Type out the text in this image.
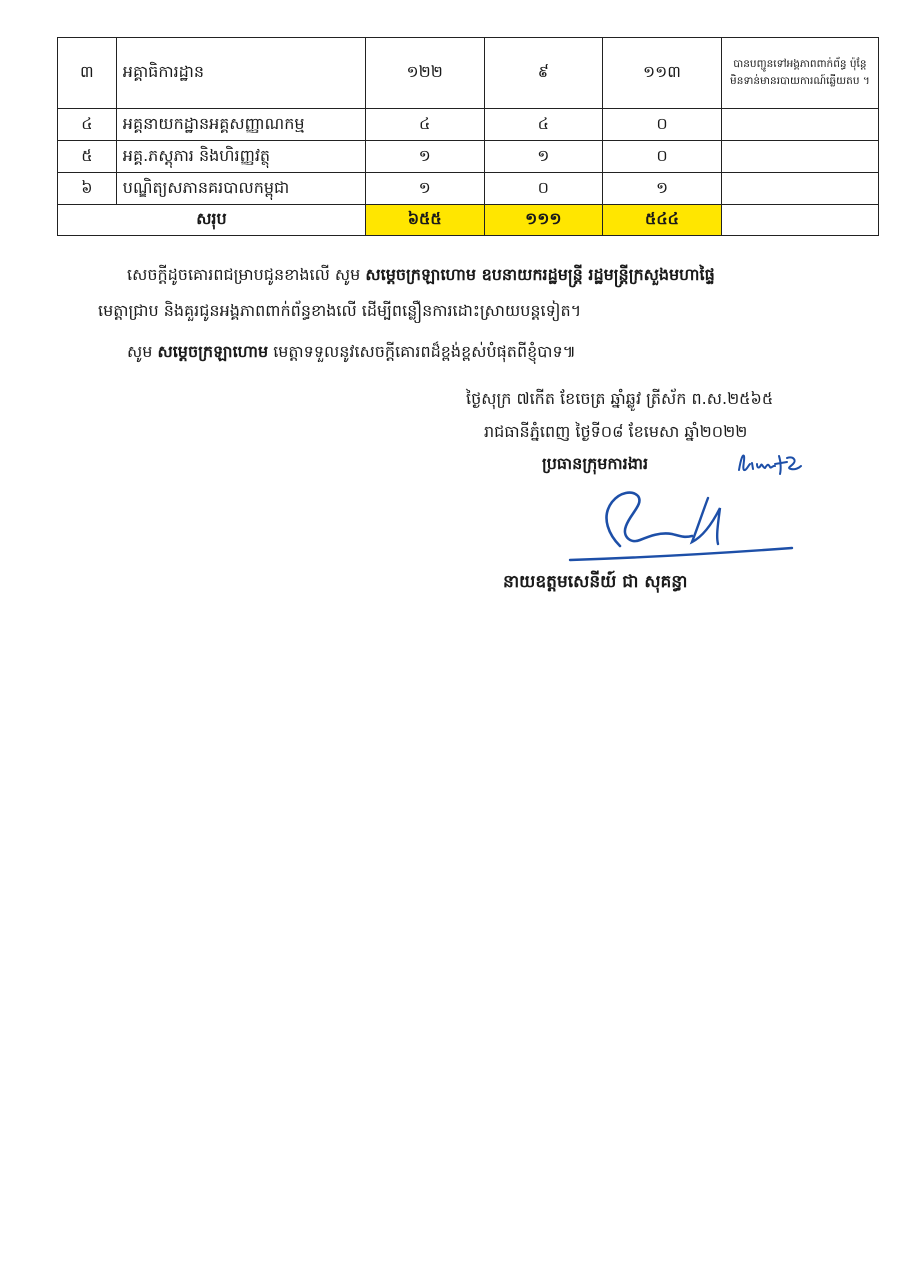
៣	អគ្គាធិការដ្ឋាន	១២២	៩	១១៣	បានបញ្ជូនទៅអង្គភាពពាក់ព័ន្ធ ប៉ុន្តែមិនទាន់មានរបាយការណ៍ឆ្លើយតប ។
៤	អគ្គនាយកដ្ឋានអគ្គសញ្ញាណកម្ម	៤	៤	០	
៥	អគ្គ.ភស្តុភារ និងហិរញ្ញវត្ថុ	១	១	០	
៦	បណ្ឌិត្យសភានគរបាលកម្ពុជា	១	០	១	
សរុប		៦៥៥	១១១	៥៤៤	
សេចក្តីដូចគោរពជម្រាបជូនខាងលើ សូម សម្តេចក្រឡាហោម ឧបនាយករដ្ឋមន្ត្រី រដ្ឋមន្ត្រីក្រសួងមហាផ្ទៃ
មេត្តាជ្រាប និងគួរជូនអង្គភាពពាក់ព័ន្ធខាងលើ ដើម្បីពន្លឿនការដោះស្រាយបន្តទៀត។
សូម សម្តេចក្រឡាហោម មេត្តាទទួលនូវសេចក្តីគោរពដ៏ខ្ពង់ខ្ពស់បំផុតពីខ្ញុំបាទ៕
ថ្ងៃសុក្រ ៧កើត ខែចេត្រ ឆ្នាំឆ្លូវ ត្រីស័ក ព.ស.២៥៦៥
រាជធានីភ្នំពេញ ថ្ងៃទី០៨ ខែមេសា ឆ្នាំ២០២២
ប្រធានក្រុមការងារ
នាយឧត្តមសេនីយ៍ ជា សុគន្ធា
